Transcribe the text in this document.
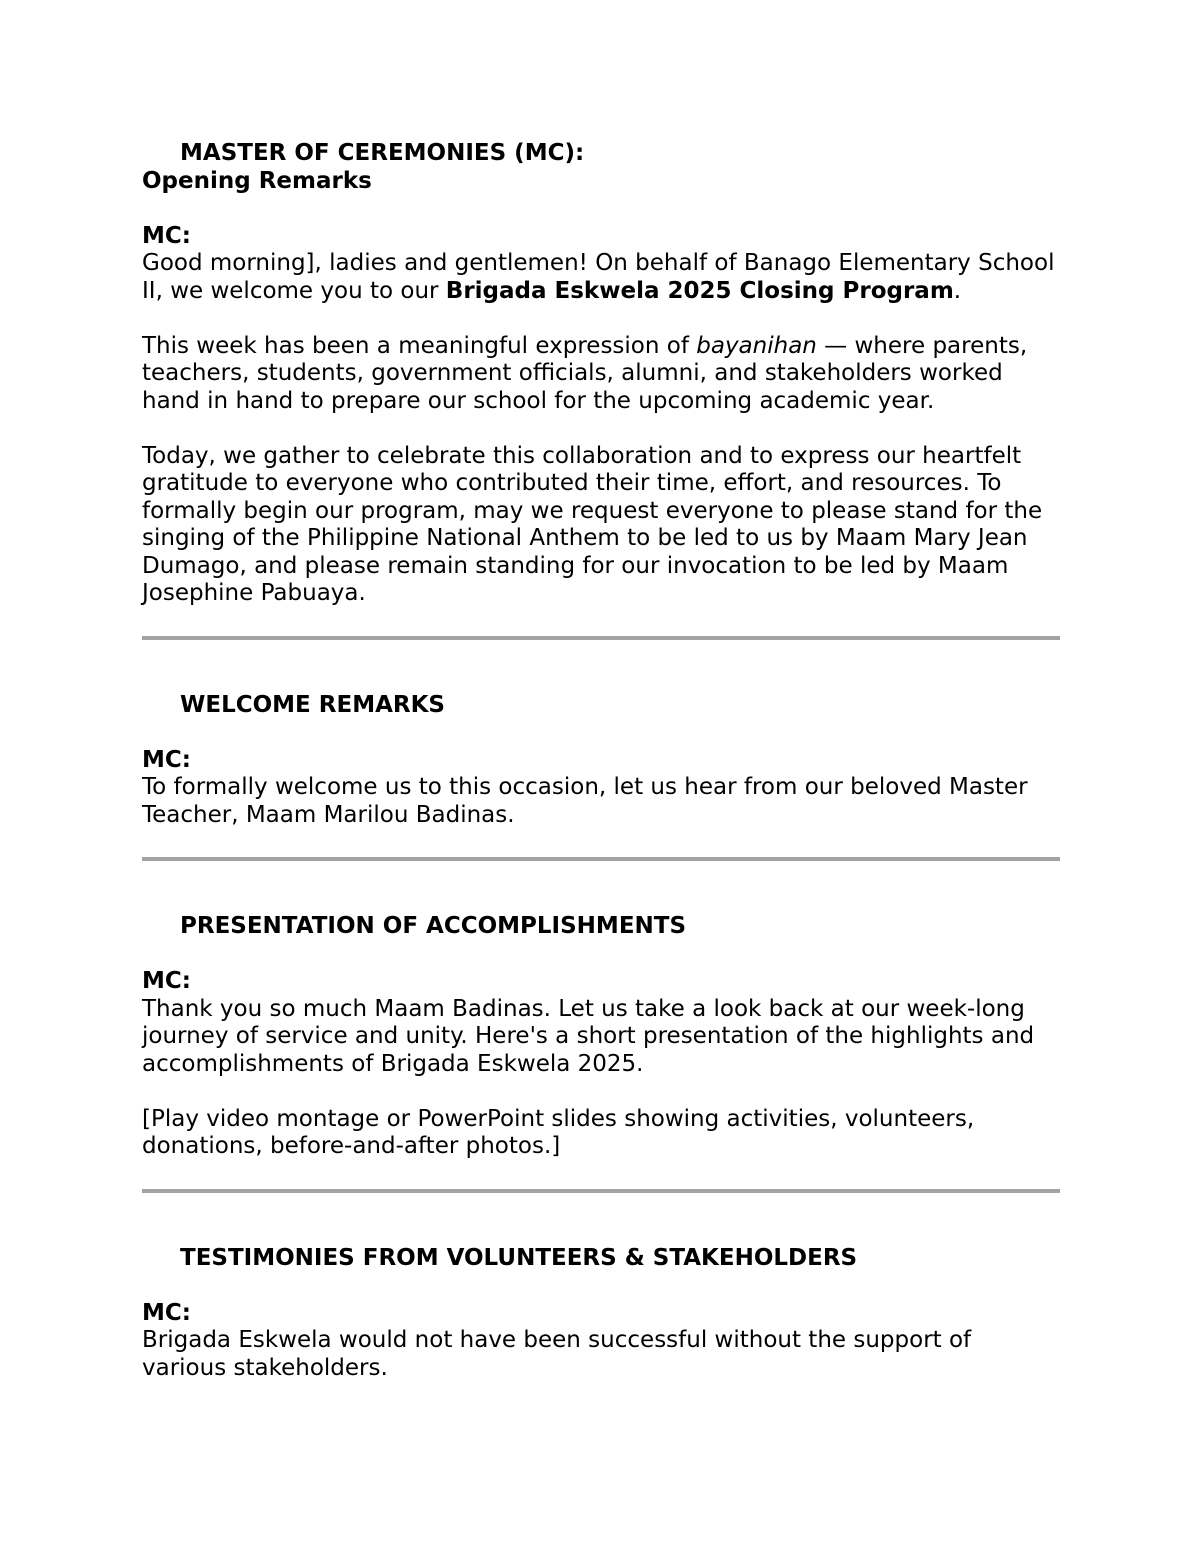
MASTER OF CEREMONIES (MC):

Opening Remarks

MC:

Good morning], ladies and gentlemen! On behalf of Banago Elementary School II, we welcome you to our Brigada Eskwela 2025 Closing Program.

This week has been a meaningful expression of bayanihan — where parents, teachers, students, government officials, alumni, and stakeholders worked hand in hand to prepare our school for the upcoming academic year.

Today, we gather to celebrate this collaboration and to express our heartfelt gratitude to everyone who contributed their time, effort, and resources. To formally begin our program, may we request everyone to please stand for the singing of the Philippine National Anthem to be led to us by Maam Mary Jean Dumago, and please remain standing for our invocation to be led by Maam Josephine Pabuaya.

WELCOME REMARKS

MC:

To formally welcome us to this occasion, let us hear from our beloved Master Teacher, Maam Marilou Badinas.

PRESENTATION OF ACCOMPLISHMENTS

MC:

Thank you so much Maam Badinas. Let us take a look back at our week-long journey of service and unity. Here's a short presentation of the highlights and accomplishments of Brigada Eskwela 2025.

[Play video montage or PowerPoint slides showing activities, volunteers, donations, before-and-after photos.]

TESTIMONIES FROM VOLUNTEERS & STAKEHOLDERS

MC:

Brigada Eskwela would not have been successful without the support of various stakeholders.
